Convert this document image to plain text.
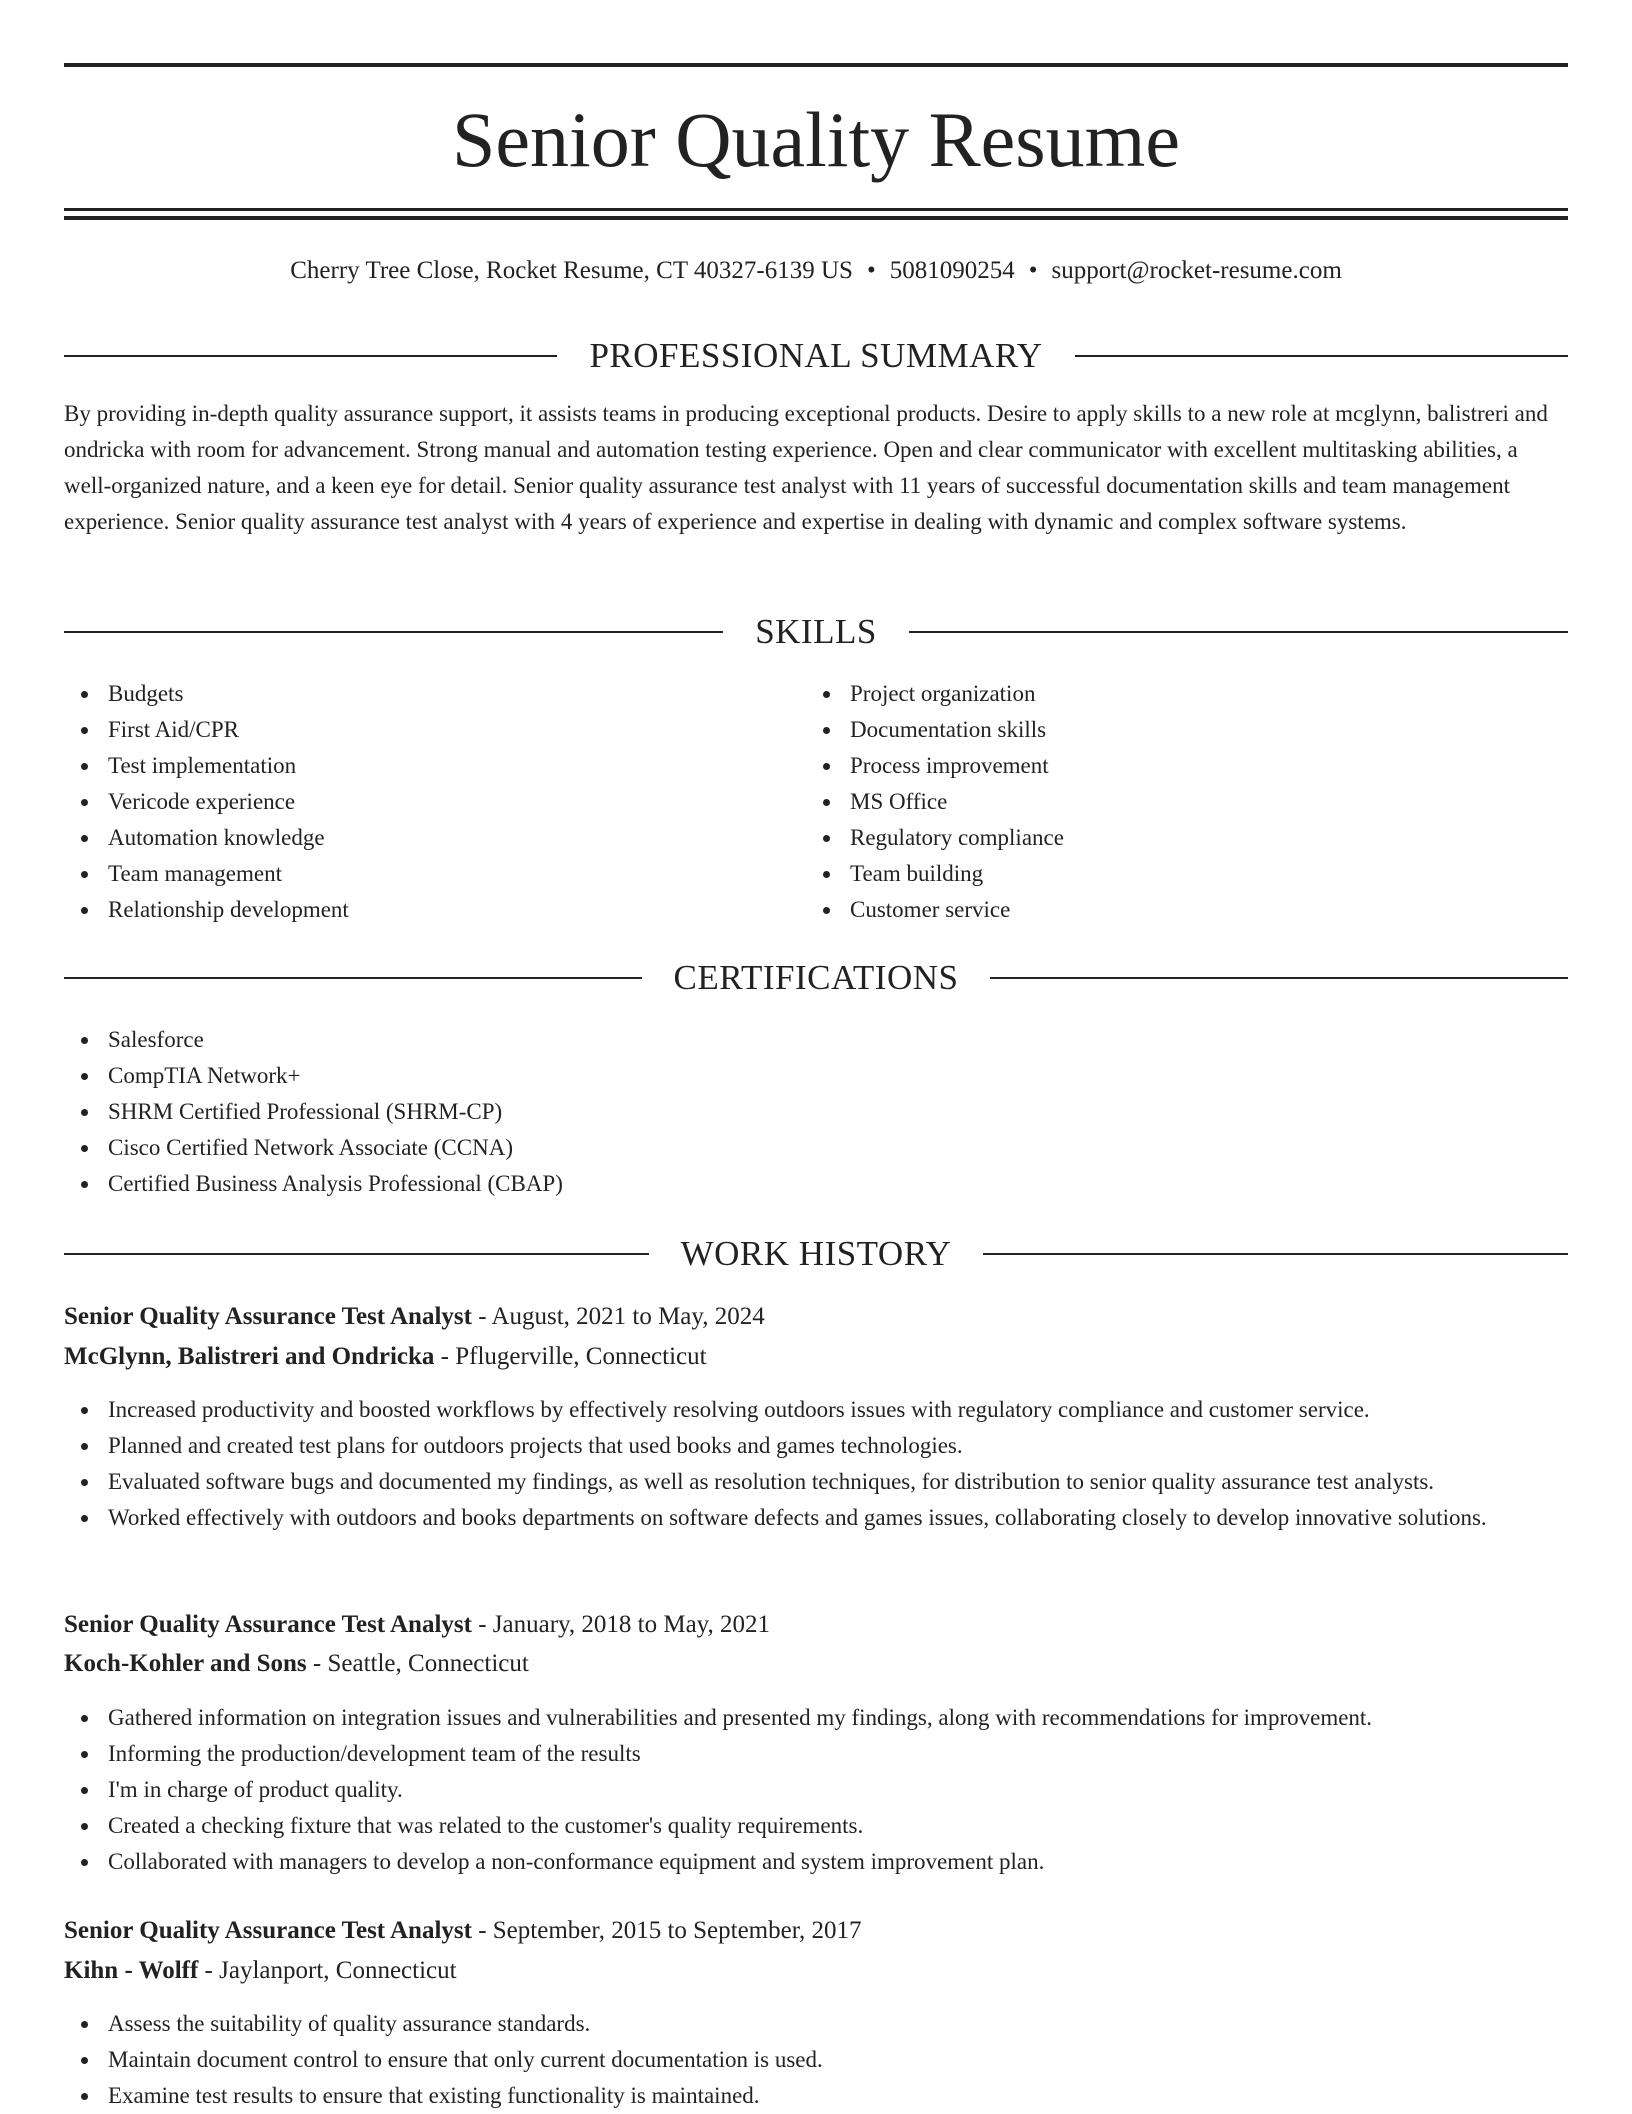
Senior Quality Resume
Cherry Tree Close, Rocket Resume, CT 40327-6139 US • 5081090254 • support@rocket-resume.com
PROFESSIONAL SUMMARY

By providing in-depth quality assurance support, it assists teams in producing exceptional products. Desire to apply skills to a new role at mcglynn, balistreri and ondricka with room for advancement. Strong manual and automation testing experience. Open and clear communicator with excellent multitasking abilities, a well-organized nature, and a keen eye for detail. Senior quality assurance test analyst with 11 years of successful documentation skills and team management experience. Senior quality assurance test analyst with 4 years of experience and expertise in dealing with dynamic and complex software systems.

SKILLS
Budgets
First Aid/CPR
Test implementation
Vericode experience
Automation knowledge
Team management
Relationship development
Project organization
Documentation skills
Process improvement
MS Office
Regulatory compliance
Team building
Customer service
CERTIFICATIONS
Salesforce
CompTIA Network+
SHRM Certified Professional (SHRM-CP)
Cisco Certified Network Associate (CCNA)
Certified Business Analysis Professional (CBAP)
WORK HISTORY
Senior Quality Assurance Test Analyst - August, 2021 to May, 2024
McGlynn, Balistreri and Ondricka - Pflugerville, Connecticut
Increased productivity and boosted workflows by effectively resolving outdoors issues with regulatory compliance and customer service.
Planned and created test plans for outdoors projects that used books and games technologies.
Evaluated software bugs and documented my findings, as well as resolution techniques, for distribution to senior quality assurance test analysts.
Worked effectively with outdoors and books departments on software defects and games issues, collaborating closely to develop innovative solutions.
Senior Quality Assurance Test Analyst - January, 2018 to May, 2021
Koch-Kohler and Sons - Seattle, Connecticut
Gathered information on integration issues and vulnerabilities and presented my findings, along with recommendations for improvement.
Informing the production/development team of the results
I'm in charge of product quality.
Created a checking fixture that was related to the customer's quality requirements.
Collaborated with managers to develop a non-conformance equipment and system improvement plan.
Senior Quality Assurance Test Analyst - September, 2015 to September, 2017
Kihn - Wolff - Jaylanport, Connecticut
Assess the suitability of quality assurance standards.
Maintain document control to ensure that only current documentation is used.
Examine test results to ensure that existing functionality is maintained.
